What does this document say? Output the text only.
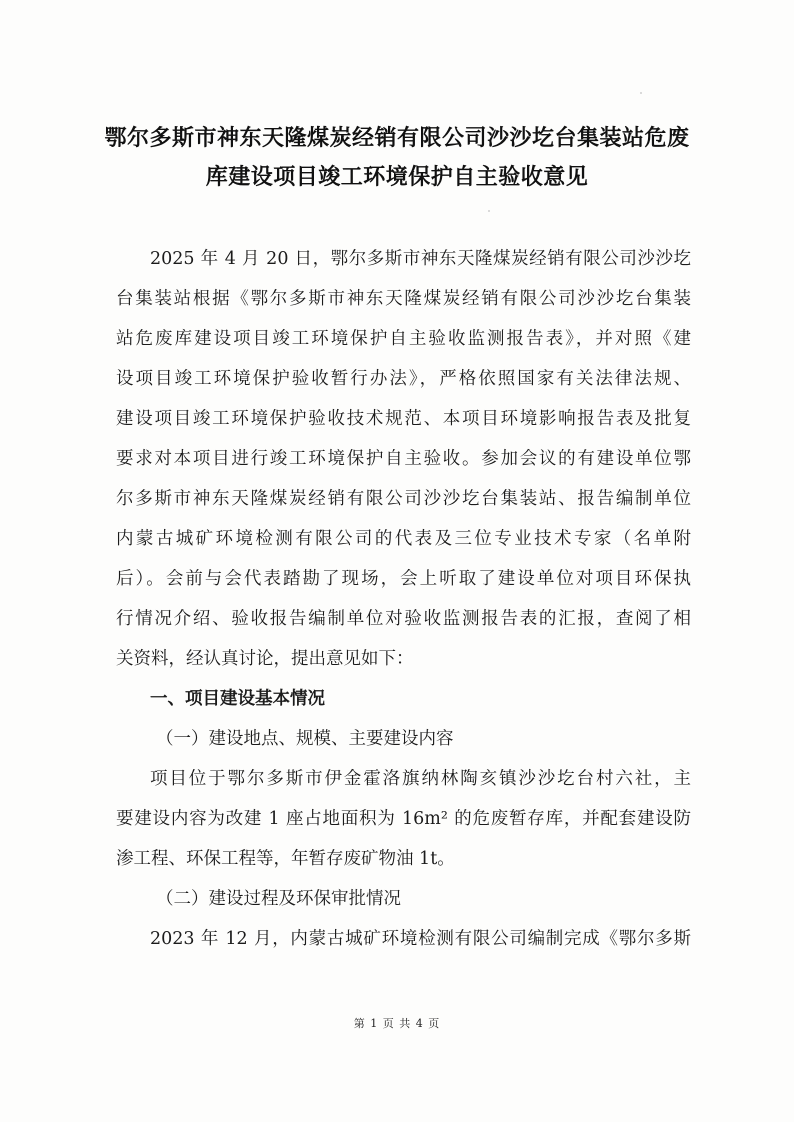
鄂尔多斯市神东天隆煤炭经销有限公司沙沙圪台集装站危废
库建设项目竣工环境保护自主验收意见
2025 年 4 月 20 日，鄂尔多斯市神东天隆煤炭经销有限公司沙沙圪
台集装站根据《鄂尔多斯市神东天隆煤炭经销有限公司沙沙圪台集装
站危废库建设项目竣工环境保护自主验收监测报告表》，并对照《建
设项目竣工环境保护验收暂行办法》，严格依照国家有关法律法规、
建设项目竣工环境保护验收技术规范、本项目环境影响报告表及批复
要求对本项目进行竣工环境保护自主验收。参加会议的有建设单位鄂
尔多斯市神东天隆煤炭经销有限公司沙沙圪台集装站、报告编制单位
内蒙古城矿环境检测有限公司的代表及三位专业技术专家（名单附
后）。会前与会代表踏勘了现场，会上听取了建设单位对项目环保执
行情况介绍、验收报告编制单位对验收监测报告表的汇报，查阅了相
关资料，经认真讨论，提出意见如下：
一、项目建设基本情况
（一）建设地点、规模、主要建设内容
项目位于鄂尔多斯市伊金霍洛旗纳林陶亥镇沙沙圪台村六社，主
要建设内容为改建 1 座占地面积为 16m² 的危废暂存库，并配套建设防
渗工程、环保工程等，年暂存废矿物油 1t。
（二）建设过程及环保审批情况
2023 年 12 月，内蒙古城矿环境检测有限公司编制完成《鄂尔多斯
第 1 页 共 4 页
